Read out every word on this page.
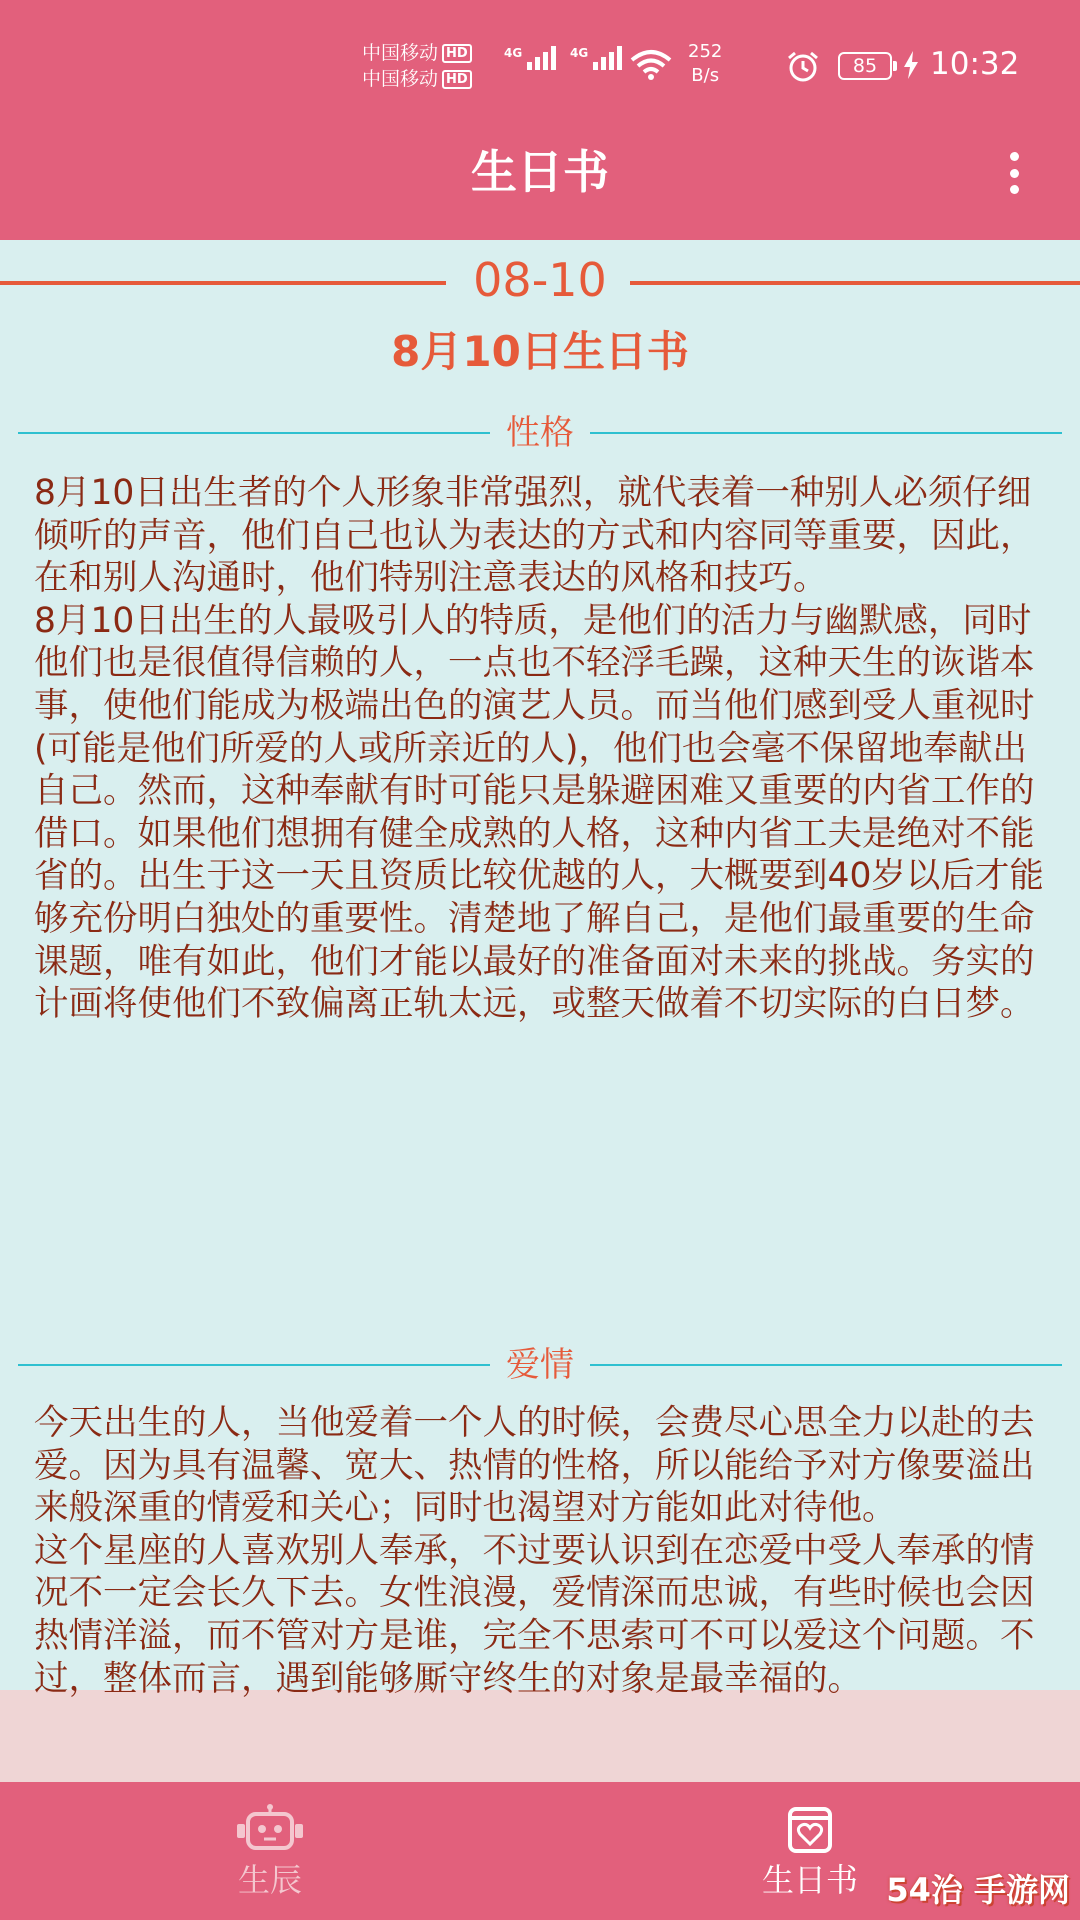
中国移动 HD
中国移动 HD
4G	4G	252
B/s	85	10:32
生日书
08-10
8月10日生日书
性格

8月10日出生者的个人形象非常强烈，就代表着一种别人必须仔细倾听的声音，他们自己也认为表达的方式和内容同等重要，因此，在和别人沟通时，他们特别注意表达的风格和技巧。

8月10日出生的人最吸引人的特质，是他们的活力与幽默感，同时他们也是很值得信赖的人，一点也不轻浮毛躁，这种天生的诙谐本事，使他们能成为极端出色的演艺人员。而当他们感到受人重视时(可能是他们所爱的人或所亲近的人)，他们也会毫不保留地奉献出自己。然而，这种奉献有时可能只是躲避困难又重要的内省工作的借口。如果他们想拥有健全成熟的人格，这种内省工夫是绝对不能省的。出生于这一天且资质比较优越的人，大概要到40岁以后才能够充份明白独处的重要性。清楚地了解自己，是他们最重要的生命课题，唯有如此，他们才能以最好的准备面对未来的挑战。务实的计画将使他们不致偏离正轨太远，或整天做着不切实际的白日梦。

爱情

今天出生的人，当他爱着一个人的时候，会费尽心思全力以赴的去爱。因为具有温馨、宽大、热情的性格，所以能给予对方像要溢出来般深重的情爱和关心；同时也渴望对方能如此对待他。

这个星座的人喜欢别人奉承，不过要认识到在恋爱中受人奉承的情况不一定会长久下去。女性浪漫，爱情深而忠诚，有些时候也会因热情洋溢，而不管对方是谁，完全不思索可不可以爱这个问题。不过，整体而言，遇到能够厮守终生的对象是最幸福的。

生辰	生日书 54治 手游网
